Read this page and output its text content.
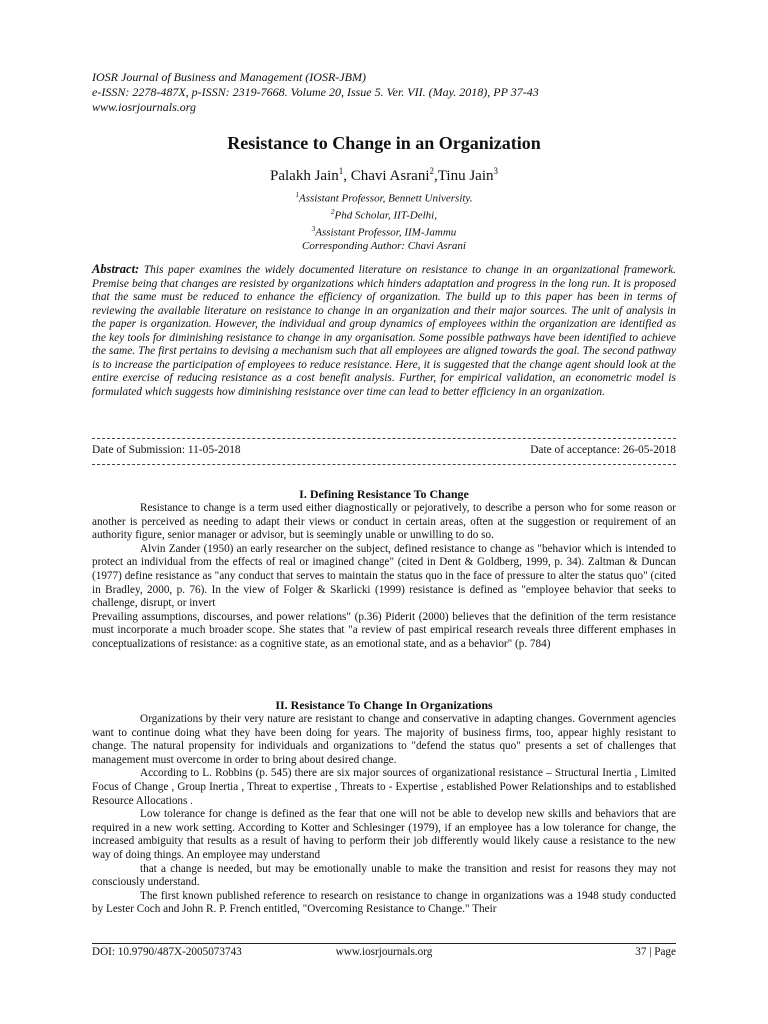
IOSR Journal of Business and Management (IOSR-JBM)
e-ISSN: 2278-487X, p-ISSN: 2319-7668. Volume 20, Issue 5. Ver. VII. (May. 2018), PP 37-43
www.iosrjournals.org
Resistance to Change in an Organization
Palakh Jain$^1$, Chavi Asrani$^2$,Tinu Jain$^3$
$^1$Assistant Professor, Bennett University.
$^2$Phd Scholar, IIT-Delhi,
$^3$Assistant Professor, IIM-Jammu
Corresponding Author: Chavi Asrani
Abstract: This paper examines the widely documented literature on resistance to change in an organizational framework. Premise being that changes are resisted by organizations which hinders adaptation and progress in the long run. It is proposed that the same must be reduced to enhance the efficiency of organization. The build up to this paper has been in terms of reviewing the available literature on resistance to change in an organization and their major sources. The unit of analysis in the paper is organization. However, the individual and group dynamics of employees within the organization are identified as the key tools for diminishing resistance to change in any organisation. Some possible pathways have been identified to achieve the same. The first pertains to devising a mechanism such that all employees are aligned towards the goal. The second pathway is to increase the participation of employees to reduce resistance. Here, it is suggested that the change agent should look at the entire exercise of reducing resistance as a cost benefit analysis. Further, for empirical validation, an econometric model is formulated which suggests how diminishing resistance over time can lead to better efficiency in an organization.
Date of Submission: 11-05-2018	Date of acceptance: 26-05-2018
I. Defining Resistance To Change

Resistance to change is a term used either diagnostically or pejoratively, to describe a person who for some reason or another is perceived as needing to adapt their views or conduct in certain areas, often at the suggestion or requirement of an authority figure, senior manager or advisor, but is seemingly unable or unwilling to do so.

Alvin Zander (1950) an early researcher on the subject, defined resistance to change as "behavior which is intended to protect an individual from the effects of real or imagined change" (cited in Dent & Goldberg, 1999, p. 34). Zaltman & Duncan (1977) define resistance as "any conduct that serves to maintain the status quo in the face of pressure to alter the status quo" (cited in Bradley, 2000, p. 76). In the view of Folger & Skarlicki (1999) resistance is defined as "employee behavior that seeks to challenge, disrupt, or invert

Prevailing assumptions, discourses, and power relations" (p.36) Piderit (2000) believes that the definition of the term resistance must incorporate a much broader scope. She states that "a review of past empirical research reveals three different emphases in conceptualizations of resistance: as a cognitive state, as an emotional state, and as a behavior" (p. 784)

II. Resistance To Change In Organizations

Organizations by their very nature are resistant to change and conservative in adapting changes. Government agencies want to continue doing what they have been doing for years. The majority of business firms, too, appear highly resistant to change. The natural propensity for individuals and organizations to "defend the status quo" presents a set of challenges that management must overcome in order to bring about desired change.

According to L. Robbins (p. 545) there are six major sources of organizational resistance – Structural Inertia , Limited Focus of Change , Group Inertia , Threat to expertise , Threats to - Expertise , established Power Relationships and to established Resource Allocations .

Low tolerance for change is defined as the fear that one will not be able to develop new skills and behaviors that are required in a new work setting. According to Kotter and Schlesinger (1979), if an employee has a low tolerance for change, the increased ambiguity that results as a result of having to perform their job differently would likely cause a resistance to the new way of doing things. An employee may understand

that a change is needed, but may be emotionally unable to make the transition and resist for reasons they may not consciously understand.

The first known published reference to research on resistance to change in organizations was a 1948 study conducted by Lester Coch and John R. P. French entitled, "Overcoming Resistance to Change." Their

DOI: 10.9790/487X-2005073743	www.iosrjournals.org	37 | Page
